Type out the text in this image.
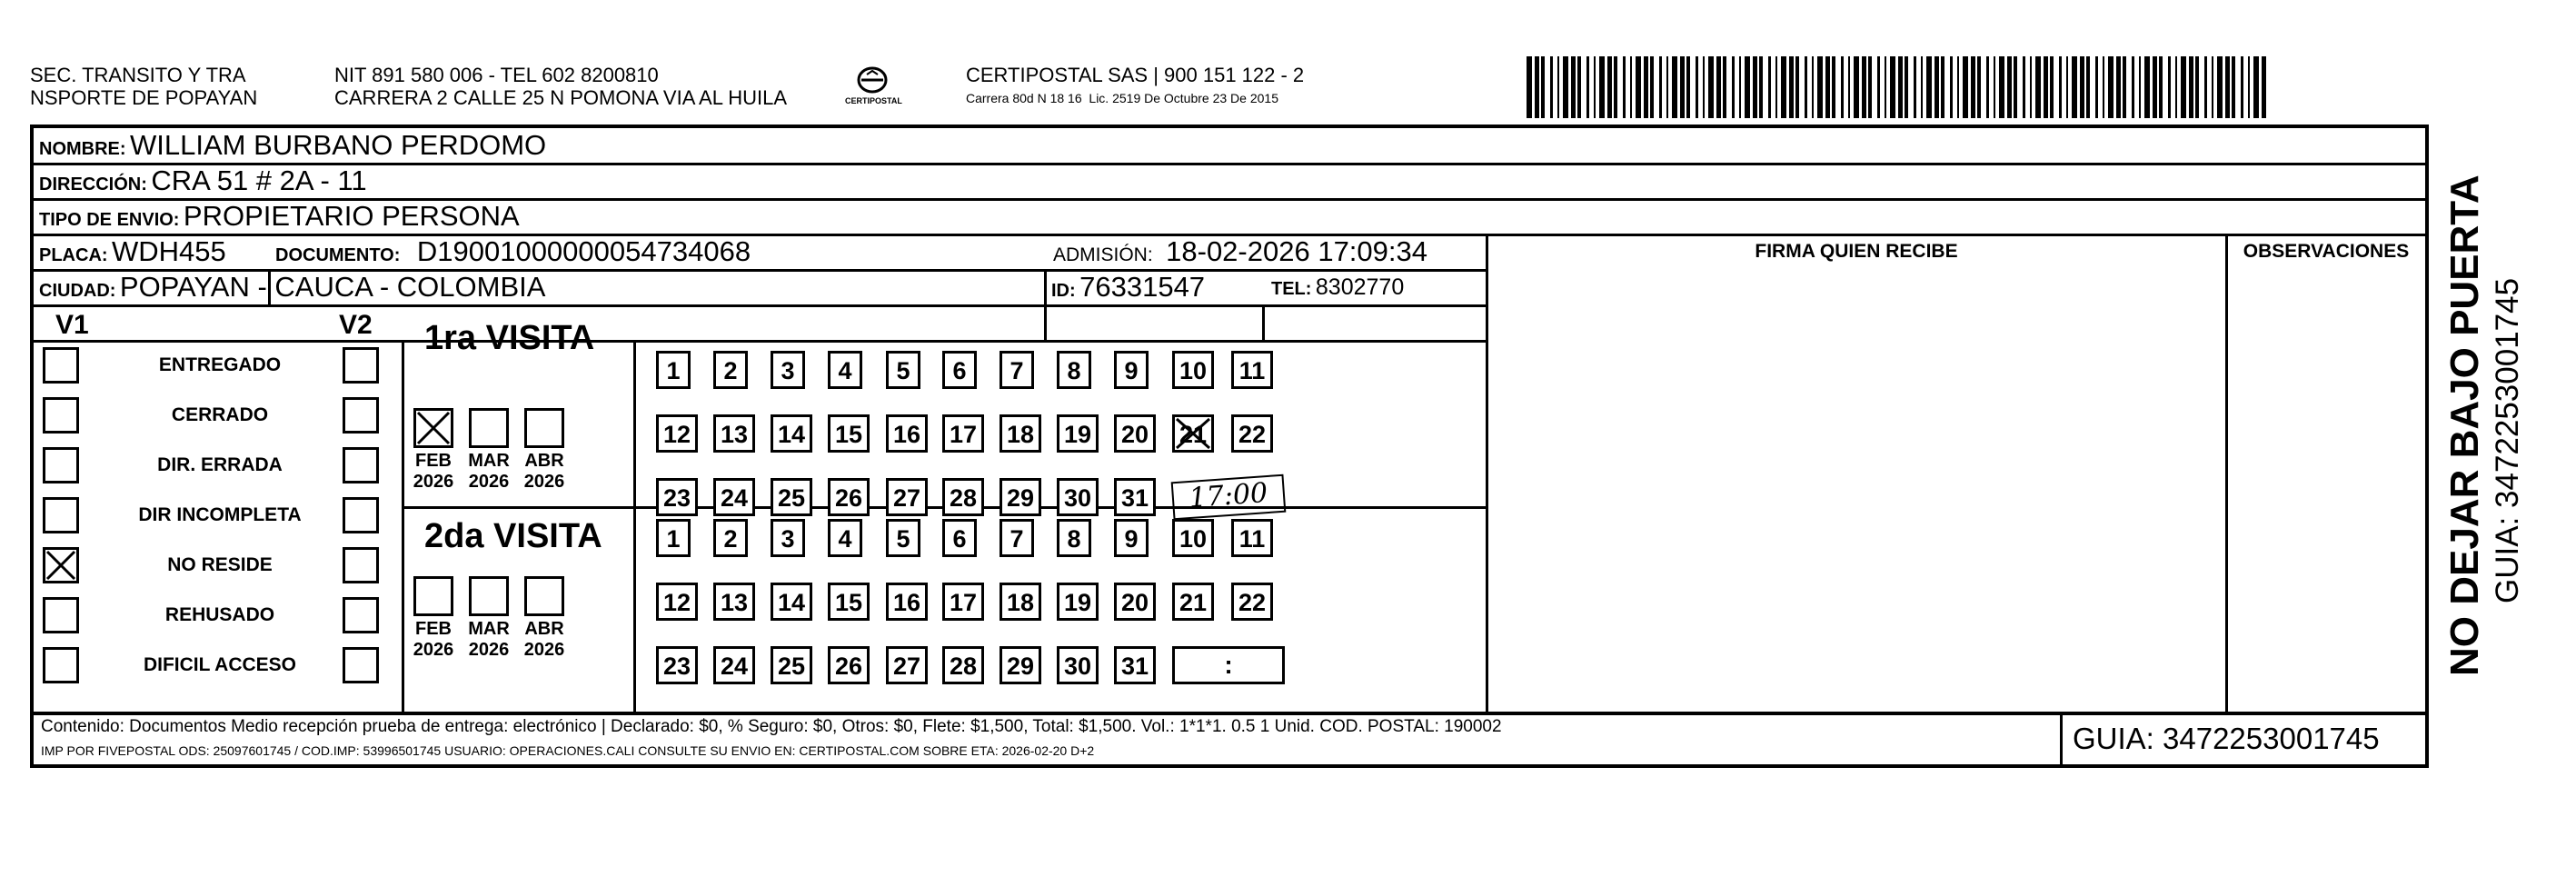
SEC. TRANSITO Y TRA
NSPORTE DE POPAYAN
NIT 891 580 006 - TEL 602 8200810
CARRERA 2 CALLE 25 N POMONA VIA AL HUILA	CERTIPOSTAL
CERTIPOSTAL SAS | 900 151 122 - 2
Carrera 80d N 18 16  Lic. 2519 De Octubre 23 De 2015
NOMBRE: WILLIAM BURBANO PERDOMO
DIRECCIÓN: CRA 51 # 2A - 11
TIPO DE ENVIO: PROPIETARIO PERSONA
PLACA: WDH455	DOCUMENTO: D19001000000054734068	ADMISIÓN: 18-02-2026 17:09:34
CIUDAD: POPAYAN - CAUCA - COLOMBIA	ID: 76331547	TEL: 8302770
FIRMA QUIEN RECIBE	OBSERVACIONES
V1	V2
ENTREGADO
CERRADO
DIR. ERRADA
DIR INCOMPLETA
NO RESIDE
REHUSADO
DIFICIL ACCESO
1ra VISITA
2da VISITA
FEB
2026
MAR
2026
ABR
2026
1	2	3	4	5	6	7	8	9	10	11
12 13 14 15 16 17 18 19 20 21 22
23 24 25 26 27 28 29 30 31	17:00
FEB
2026
MAR
2026
ABR
2026
1	2	3	4	5	6	7	8	9	10	11
12 13 14 15 16 17 18 19 20 21 22
23 24 25 26 27 28 29 30 31	:
Contenido: Documentos Medio recepción prueba de entrega: electrónico | Declarado: $0, % Seguro: $0, Otros: $0, Flete: $1,500, Total: $1,500. Vol.: 1*1*1. 0.5 1 Unid. COD. POSTAL: 190002
IMP POR FIVEPOSTAL ODS: 25097601745 / COD.IMP: 53996501745 USUARIO: OPERACIONES.CALI CONSULTE SU ENVIO EN: CERTIPOSTAL.COM SOBRE ETA: 2026-02-20 D+2	GUIA: 3472253001745
NO DEJAR BAJO PUERTA GUIA: 3472253001745
